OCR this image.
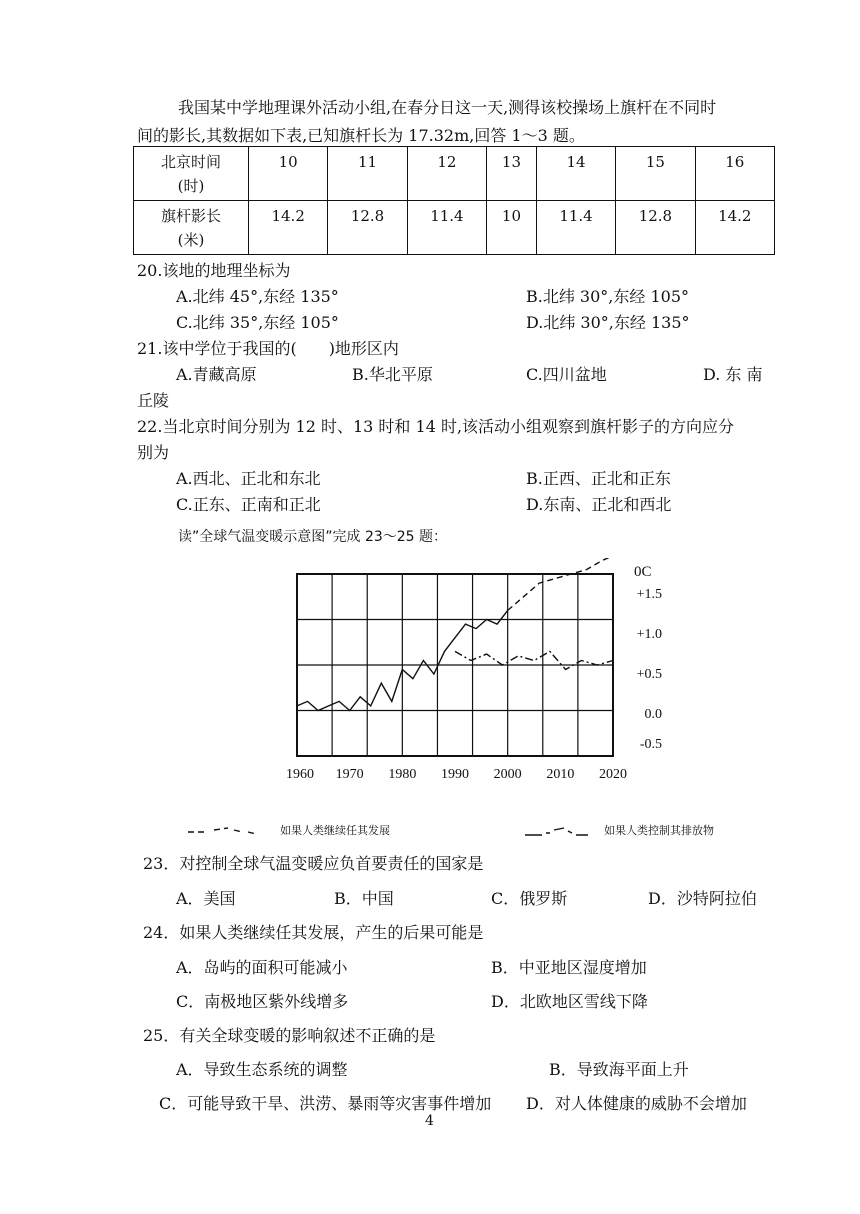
我国某中学地理课外活动小组,在春分日这一天,测得该校操场上旗杆在不同时
间的影长,其数据如下表,已知旗杆长为 17.32m,回答 1～3 题。
北京时间
(时)	10	11	12	13	14	15	16
旗杆影长
(米)	14.2	12.8	11.4	10	11.4	12.8	14.2
20.该地的地理坐标为
A.北纬 45°,东经 135°	B.北纬 30°,东经 105°
C.北纬 35°,东经 105°	D.北纬 30°,东经 135°
21.该中学位于我国的(　　)地形区内
A.青藏高原	B.华北平原	C.四川盆地	D. 东 南
丘陵
22.当北京时间分别为 12 时、13 时和 14 时,该活动小组观察到旗杆影子的方向应分
别为
A.西北、正北和东北	B.正西、正北和正东
C.正东、正南和正北	D.东南、正北和西北
读”全球气温变暖示意图”完成 23～25 题：
+1.5
+1.0
+0.5
0.0
-0.5
1960 1970 1980 1990 2000 2010 2020
0C
如果人类继续任其发展	如果人类控制其排放物
23．对控制全球气温变暖应负首要责任的国家是
A．美国	B．中国	C．俄罗斯	D．沙特阿拉伯
24．如果人类继续任其发展，产生的后果可能是
A．岛屿的面积可能减小	B．中亚地区湿度增加
C．南极地区紫外线增多	D．北欧地区雪线下降
25．有关全球变暖的影响叙述不正确的是
A．导致生态系统的调整	B．导致海平面上升
C．可能导致干旱、洪涝、暴雨等灾害事件增加 D．对人体健康的威胁不会增加
4
